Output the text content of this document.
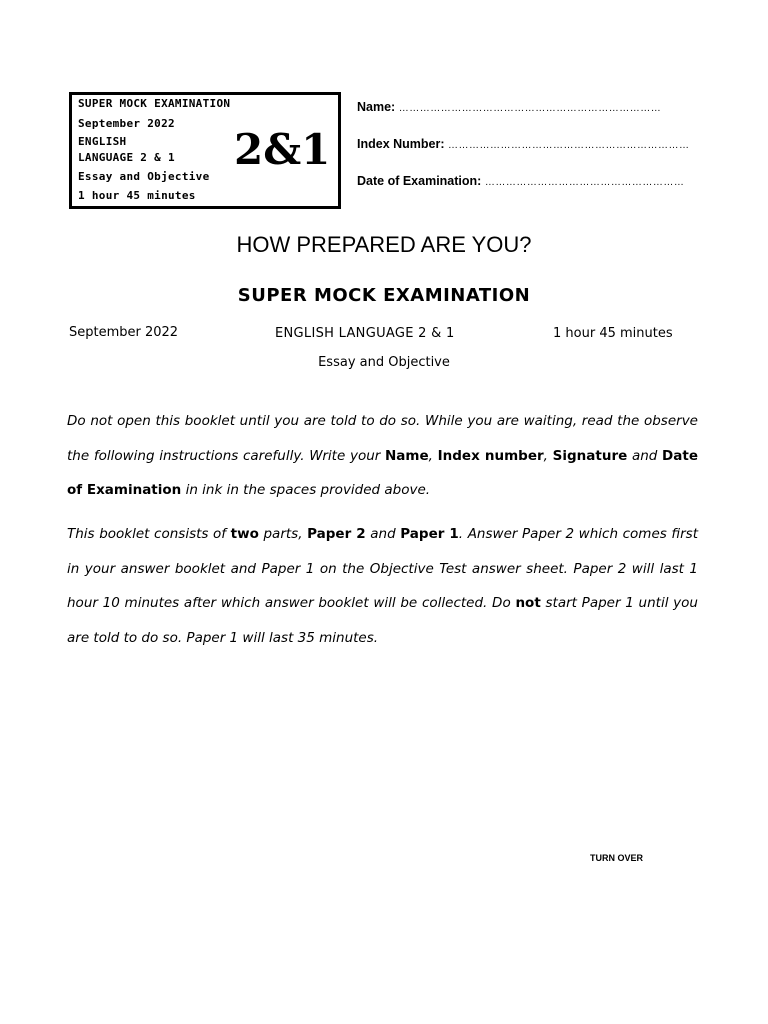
SUPER MOCK EXAMINATION
September 2022
ENGLISH
LANGUAGE 2 & 1
Essay and Objective
1 hour 45 minutes
2&1
Name: …………………………………………………………………
Index Number: ……………………………………………………………
Date of Examination: …………………………………………………
HOW PREPARED ARE YOU?
SUPER MOCK EXAMINATION
September 2022	ENGLISH LANGUAGE 2 & 1	1 hour 45 minutes
Essay and Objective
Do not open this booklet until you are told to do so. While you are waiting, read the observe the following instructions carefully. Write your Name, Index number, Signature and Date of Examination in ink in the spaces provided above.
This booklet consists of two parts, Paper 2 and Paper 1. Answer Paper 2 which comes first in your answer booklet and Paper 1 on the Objective Test answer sheet. Paper 2 will last 1 hour 10 minutes after which answer booklet will be collected. Do not start Paper 1 until you are told to do so. Paper 1 will last 35 minutes.
TURN OVER
